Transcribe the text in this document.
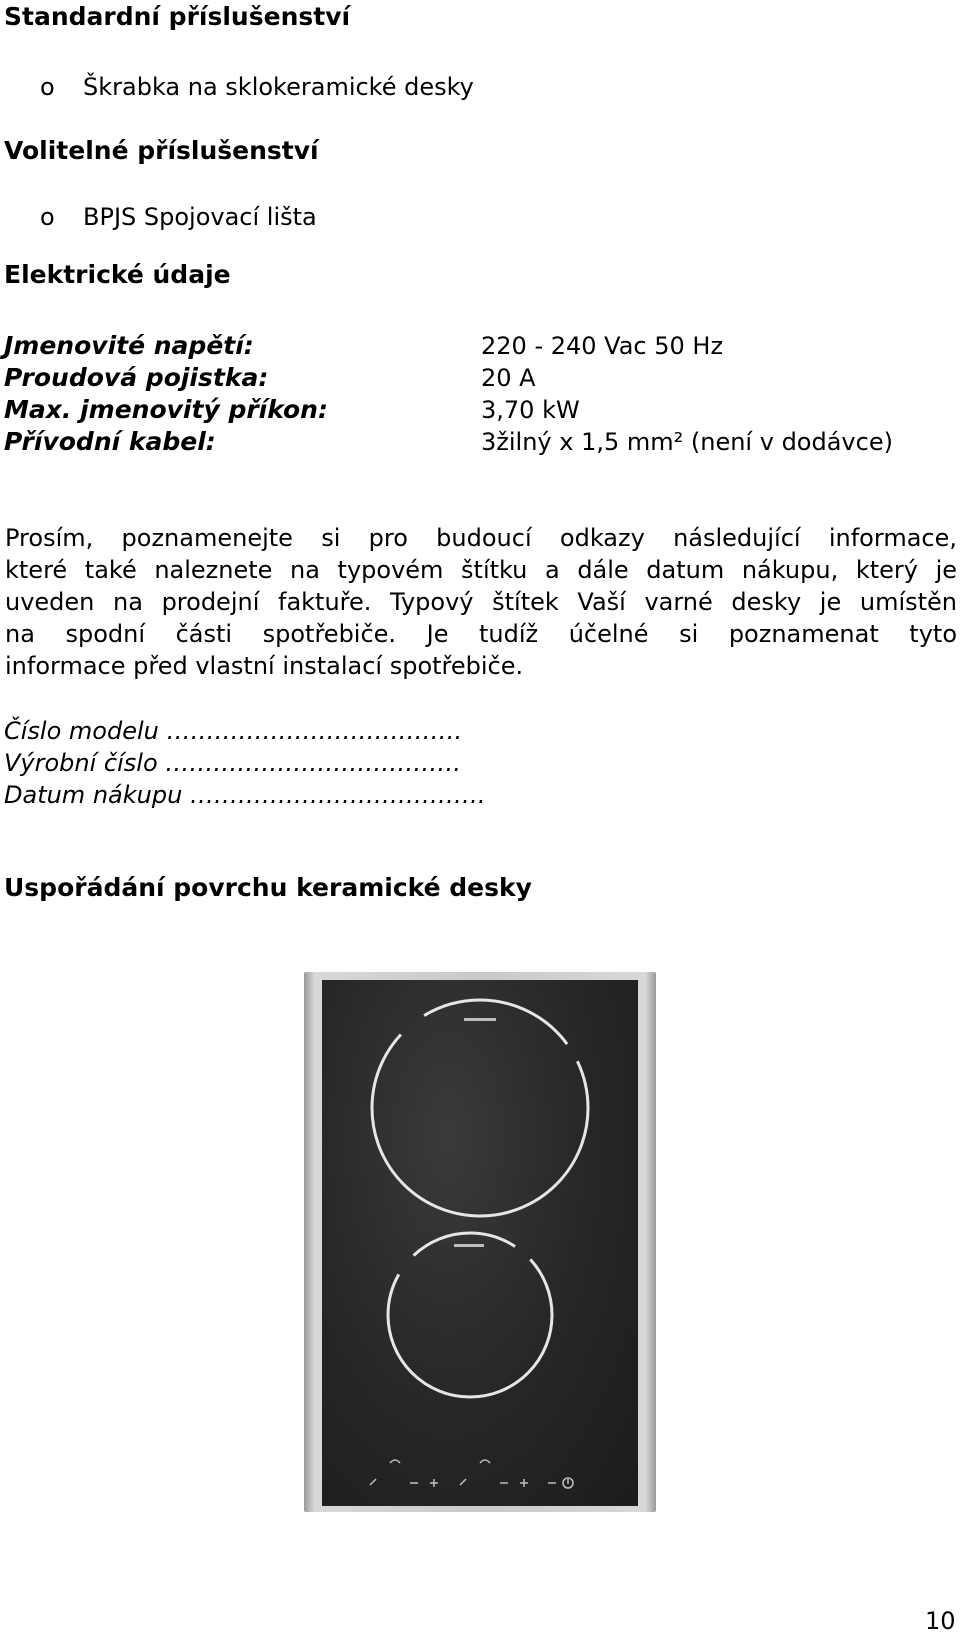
Standardní příslušenství
o Škrabka na sklokeramické desky
Volitelné příslušenství
o BPJS Spojovací lišta
Elektrické údaje
Jmenovité napětí:	220 - 240 Vac 50 Hz
Proudová pojistka:	20 A
Max. jmenovitý příkon:	3,70 kW
Přívodní kabel:	3žilný x 1,5 mm² (není v dodávce)
Prosím, poznamenejte si pro budoucí odkazy následující informace,
které také naleznete na typovém štítku a dále datum nákupu, který je
uveden na prodejní faktuře. Typový štítek Vaší varné desky je umístěn
na spodní části spotřebiče. Je tudíž účelné si poznamenat tyto
informace před vlastní instalací spotřebiče.
Číslo modelu ……………………………….
Výrobní číslo ……………………………….
Datum nákupu ……………………………….
Uspořádání povrchu keramické desky
10
